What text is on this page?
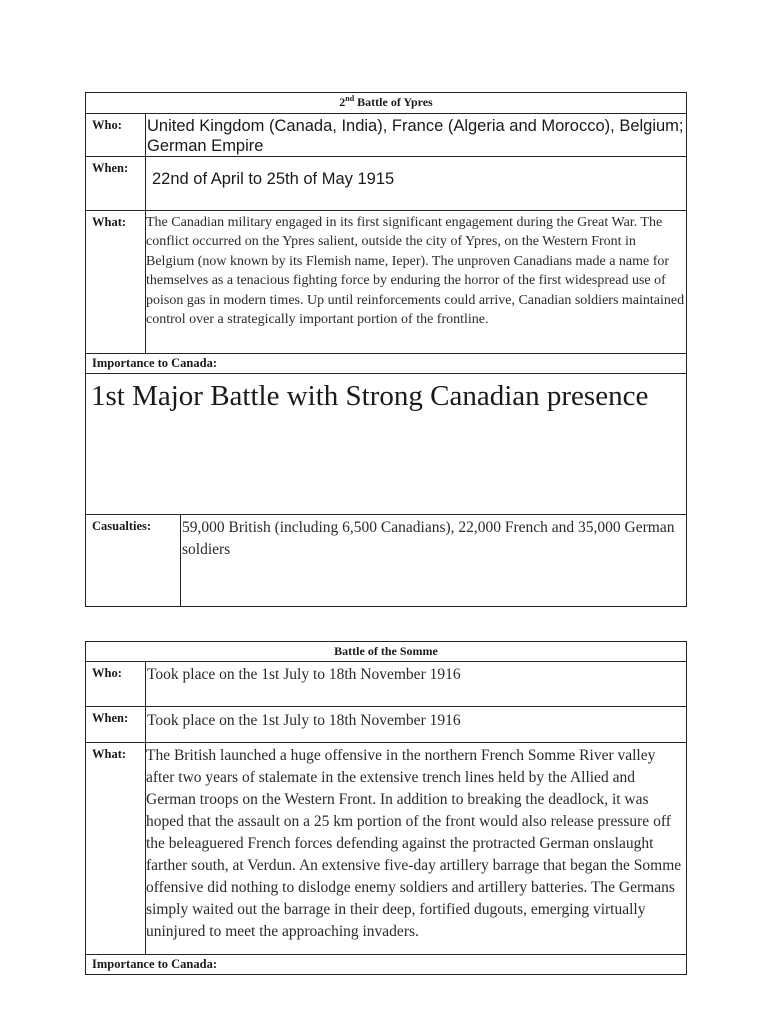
2nd Battle of Ypres		
Who:	United Kingdom (Canada, India), France (Algeria and Morocco), Belgium; German Empire	
When:	22nd of April to 25th of May 1915	
What:	The Canadian military engaged in its first significant engagement during the Great War. The conflict occurred on the Ypres salient, outside the city of Ypres, on the Western Front in Belgium (now known by its Flemish name, Ieper). The unproven Canadians made a name for themselves as a tenacious fighting force by enduring the horror of the first widespread use of poison gas in modern times. Up until reinforcements could arrive, Canadian soldiers maintained control over a strategically important portion of the frontline.	
Importance to Canada:		
1st Major Battle with Strong Canadian presence		
Casualties:		59,000 British (including 6,500 Canadians), 22,000 French and 35,000 German soldiers
Battle of the Somme	
Who:	Took place on the 1st July to 18th November 1916
When:	Took place on the 1st July to 18th November 1916
What:	The British launched a huge offensive in the northern French Somme River valley after two years of stalemate in the extensive trench lines held by the Allied and German troops on the Western Front. In addition to breaking the deadlock, it was hoped that the assault on a 25 km portion of the front would also release pressure off the beleaguered French forces defending against the protracted German onslaught farther south, at Verdun. An extensive five-day artillery barrage that began the Somme offensive did nothing to dislodge enemy soldiers and artillery batteries. The Germans simply waited out the barrage in their deep, fortified dugouts, emerging virtually uninjured to meet the approaching invaders.
Importance to Canada:	
